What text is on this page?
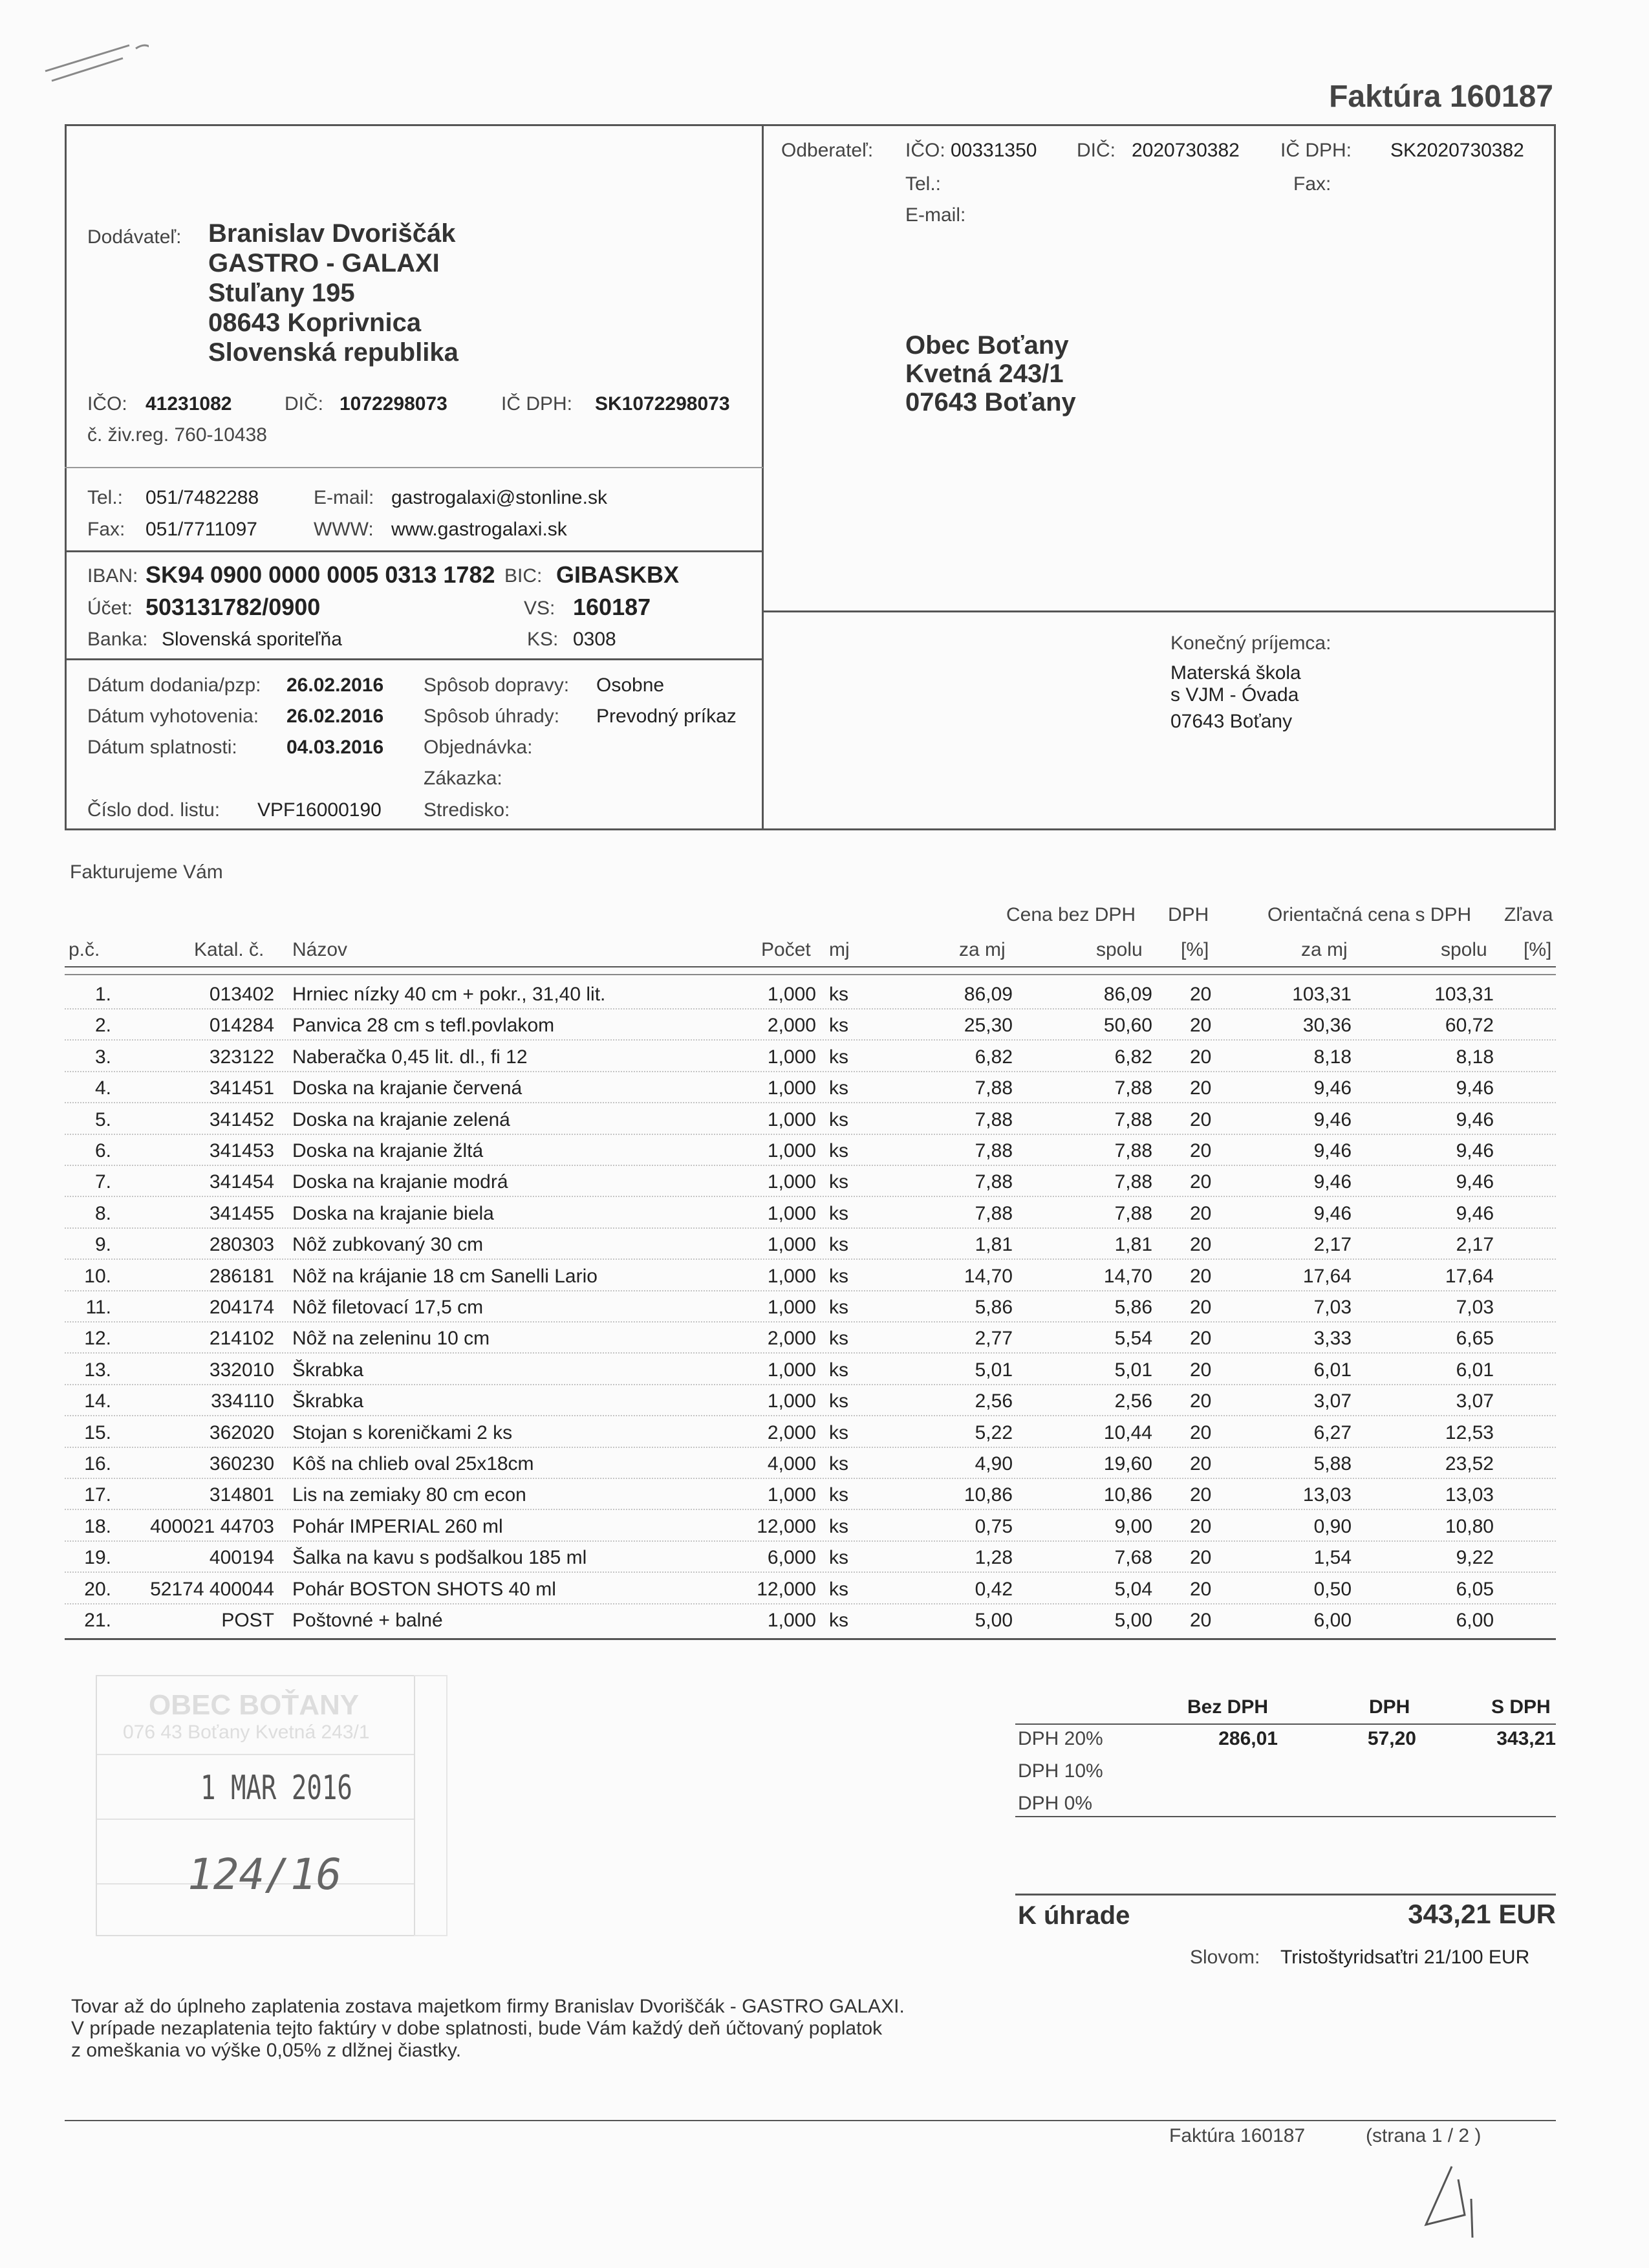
Faktúra 160187
Dodávateľ: Branislav Dvoriščák
GASTRO - GALAXI
Stuľany 195
08643 Koprivnica
Slovenská republika
IČO: 41231082	DIČ: 1072298073	IČ DPH: SK1072298073
č. živ.reg. 760-10438
Tel.: 051/7482288	E-mail: gastrogalaxi@stonline.sk
Fax: 051/7711097	WWW: www.gastrogalaxi.sk
IBAN: SK94 0900 0000 0005 0313 1782 BIC: GIBASKBX
Účet: 503131782/0900	VS: 160187
Banka: Slovenská sporiteľňa	KS: 0308
Dátum dodania/pzp: 26.02.2016
Dátum vyhotovenia: 26.02.2016
Dátum splatnosti:	04.03.2016
Spôsob dopravy: Osobne
Spôsob úhrady: Prevodný príkaz
Objednávka:
Zákazka:
Číslo dod. listu: VPF16000190 Stredisko:
Odberateľ: IČO: 00331350 DIČ: 2020730382 IČ DPH: SK2020730382
Tel.:	Fax:
E-mail:
Obec Boťany
Kvetná 243/1
07643 Boťany
Konečný príjemca:
Materská škola
s VJM - Óvada
07643 Boťany
Fakturujeme Vám
Cena bez DPH DPH	Orientačná cena s DPH Zľava
p.č.	Katal. č. Názov	Počet mj	za mj	spolu [%]	za mj	spolu [%]
1.	013402 Hrniec nízky 40 cm + pokr., 31,40 lit.	1,000 ks	86,09	86,09 20	103,31	103,31
2.	014284 Panvica 28 cm s tefl.povlakom	2,000 ks	25,30	50,60 20	30,36	60,72
3.	323122 Naberačka 0,45 lit. dl., fi 12	1,000 ks	6,82	6,82 20	8,18	8,18
4.	341451 Doska na krajanie červená	1,000 ks	7,88	7,88 20	9,46	9,46
5.	341452 Doska na krajanie zelená	1,000 ks	7,88	7,88 20	9,46	9,46
6.	341453 Doska na krajanie žltá	1,000 ks	7,88	7,88 20	9,46	9,46
7.	341454 Doska na krajanie modrá	1,000 ks	7,88	7,88 20	9,46	9,46
8.	341455 Doska na krajanie biela	1,000 ks	7,88	7,88 20	9,46	9,46
9.	280303 Nôž zubkovaný 30 cm	1,000 ks	1,81	1,81 20	2,17	2,17
10.	286181 Nôž na krájanie 18 cm Sanelli Lario	1,000 ks	14,70	14,70 20	17,64	17,64
11.	204174 Nôž filetovací 17,5 cm	1,000 ks	5,86	5,86 20	7,03	7,03
12.	214102 Nôž na zeleninu 10 cm	2,000 ks	2,77	5,54 20	3,33	6,65
13.	332010 Škrabka	1,000 ks	5,01	5,01 20	6,01	6,01
14.	334110 Škrabka	1,000 ks	2,56	2,56 20	3,07	3,07
15.	362020 Stojan s koreničkami 2 ks	2,000 ks	5,22	10,44 20	6,27	12,53
16.	360230 Kôš na chlieb oval 25x18cm	4,000 ks	4,90	19,60 20	5,88	23,52
17.	314801 Lis na zemiaky 80 cm econ	1,000 ks	10,86	10,86 20	13,03	13,03
18. 400021 44703 Pohár IMPERIAL 260 ml	12,000 ks	0,75	9,00 20	0,90	10,80
19.	400194 Šalka na kavu s podšalkou 185 ml	6,000 ks	1,28	7,68 20	1,54	9,22
20. 52174 400044 Pohár BOSTON SHOTS 40 ml	12,000 ks	0,42	5,04 20	0,50	6,05
21.	POST Poštovné + balné	1,000 ks	5,00	5,00 20	6,00	6,00
OBEC BOŤANY
076 43 Boťany Kvetná 243/1
1 MAR 2016
124/16
Bez DPH	DPH	S DPH
DPH 20%	286,01	57,20	343,21
DPH 10%
DPH 0%
K úhrade	343,21 EUR
Slovom: Tristoštyridsaťtri 21/100 EUR
Tovar až do úplneho zaplatenia zostava majetkom firmy Branislav Dvoriščák - GASTRO GALAXI.
V prípade nezaplatenia tejto faktúry v dobe splatnosti, bude Vám každý deň účtovaný poplatok
z omeškania vo výške 0,05% z dlžnej čiastky.
Faktúra 160187	(strana 1 / 2 )
